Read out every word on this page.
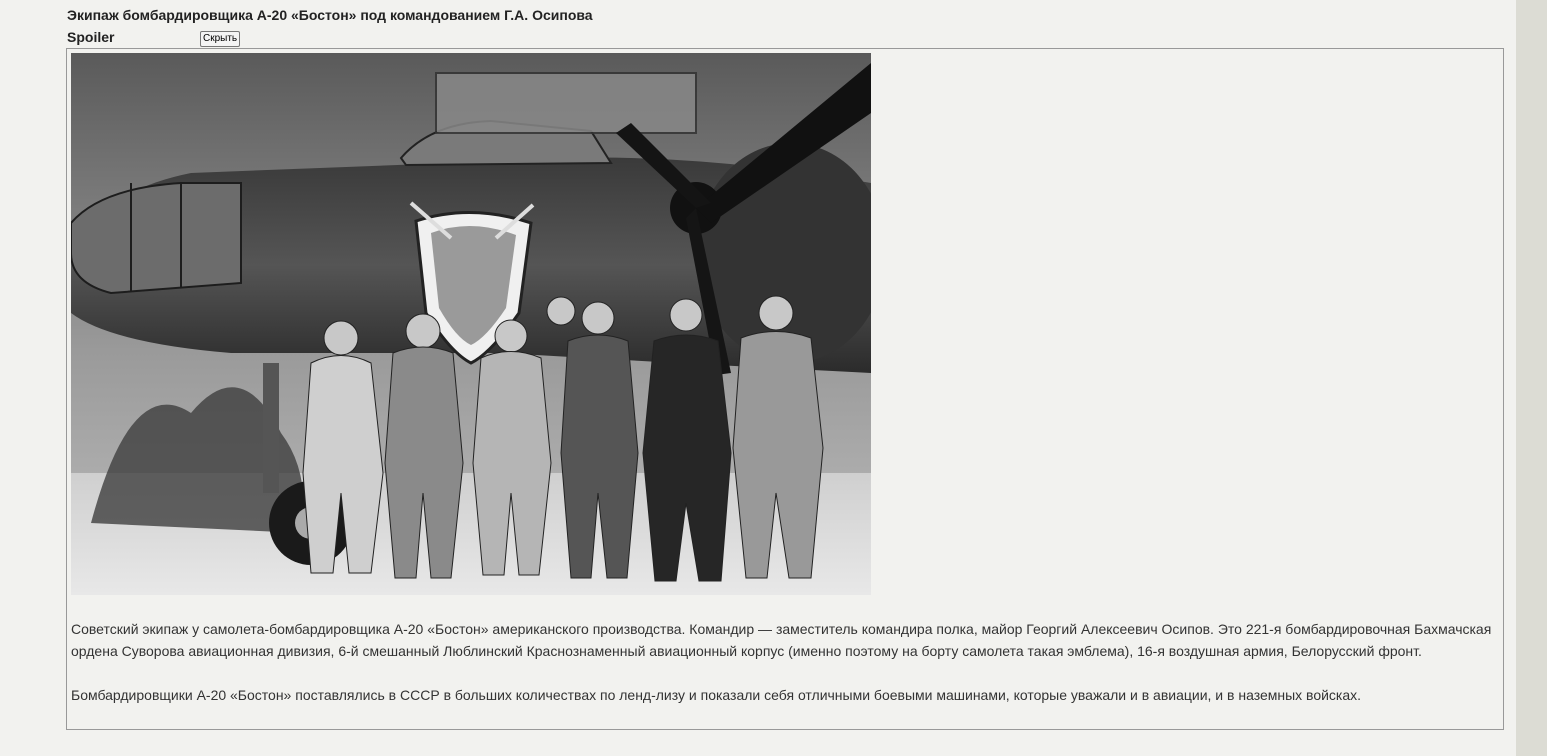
Экипаж бомбардировщика А-20 «Бостон» под командованием Г.А. Осипова
Spoiler	Скрыть

Советский экипаж у самолета-бомбардировщика А-20 «Бостон» американского производства. Командир — заместитель командира полка, майор Георгий Алексеевич Осипов. Это 221-я бомбардировочная Бахмачская ордена Суворова авиационная дивизия, 6-й смешанный Люблинский Краснознаменный авиационный корпус (именно поэтому на борту самолета такая эмблема), 16-я воздушная армия, Белорусский фронт.

Бомбардировщики А-20 «Бостон» поставлялись в СССР в больших количествах по ленд-лизу и показали себя отличными боевыми машинами, которые уважали и в авиации, и в наземных войсках.
